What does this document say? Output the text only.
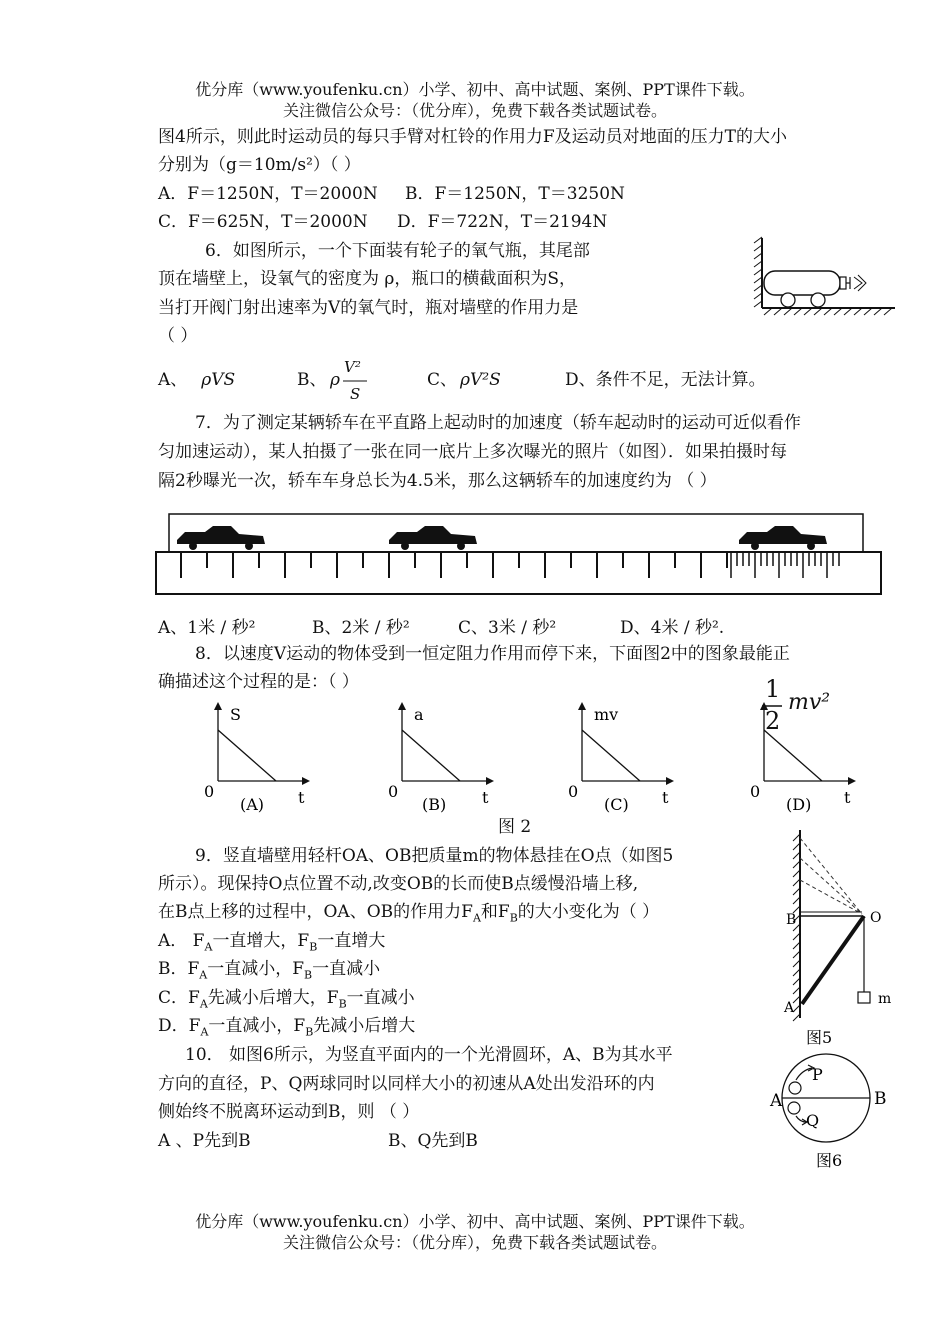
优分库（www.youfenku.cn）小学、初中、高中试题、案例、PPT课件下载。
关注微信公众号：（优分库），免费下载各类试题试卷。
图4所示，则此时运动员的每只手臂对杠铃的作用力F及运动员对地面的压力T的大小
分别为（g＝10m/s²）（ ）
A．F＝1250N，T＝2000N B．F＝1250N，T＝3250N
C．F＝625N，T＝2000N D．F＝722N，T＝2194N
6．如图所示，一个下面装有轮子的氧气瓶，其尾部
顶在墙壁上，设氧气的密度为 ρ，瓶口的横截面积为S，
当打开阀门射出速率为V的氧气时，瓶对墙壁的作用力是
（ ）
A、 ρVS	B、 ρ
V²
S
C、 ρV²S	D、条件不足，无法计算。
7．为了测定某辆轿车在平直路上起动时的加速度（轿车起动时的运动可近似看作
匀加速运动），某人拍摄了一张在同一底片上多次曝光的照片（如图）．如果拍摄时每
隔2秒曝光一次，轿车车身总长为4.5米，那么这辆轿车的加速度约为 （ ）
A、1米 / 秒²	B、2米 / 秒²	C、3米 / 秒²	D、4米 / 秒².
8．以速度V运动的物体受到一恒定阻力作用而停下来，下面图2中的图象最能正
确描述这个过程的是：（ ）
S
0	t
(A)
a
0	t
(B)
mv
0	t
(C)
0	t
(D)
1
2
mv²
图 2
9．竖直墙壁用轻杆OA、OB把质量m的物体悬挂在O点（如图5
所示）。现保持O点位置不动,改变OB的长而使B点缓慢沿墙上移,
在B点上移的过程中，OA、OB的作用力$F_A$和$F_B$的大小变化为（ ）
A． $F_A$一直增大，$F_B$一直增大
B．$F_A$一直减小，$F_B$一直减小
C．$F_A$先减小后增大，$F_B$一直减小
D．$F_A$一直减小，$F_B$先减小后增大
B	O
A
m
图5
10． 如图6所示，为竖直平面内的一个光滑圆环，A、B为其水平
方向的直径，P、Q两球同时以同样大小的初速从A处出发沿环的内
侧始终不脱离环运动到B，则 （ ）
A 、P先到B	B、Q先到B
A	B
P
Q
图6
优分库（www.youfenku.cn）小学、初中、高中试题、案例、PPT课件下载。
关注微信公众号：（优分库），免费下载各类试题试卷。
